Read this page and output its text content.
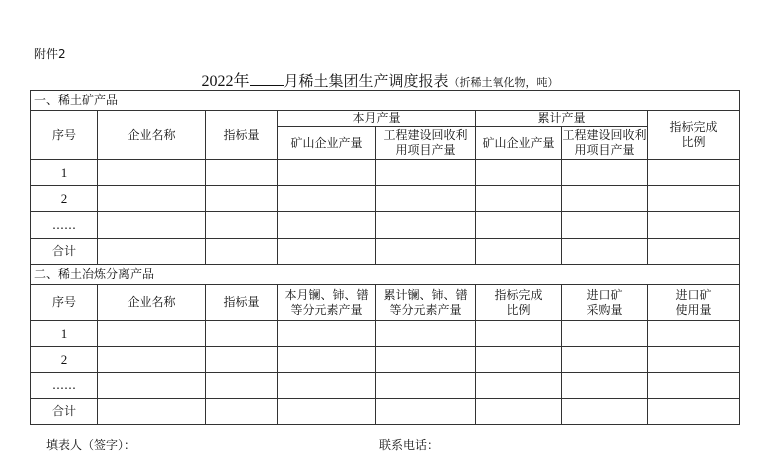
附件2
2022年 月稀土集团生产调度报表（折稀土氧化物，吨）
一、稀土矿产品							
序号	企业名称	指标量	本月产量		累计产量		指标完成比例

			矿山企业产量	工程建设回收利用项目产量	矿山企业产量	工程建设回收利用项目产量	

1							
2							
……							
合计							
二、稀土冶炼分离产品							
序号	企业名称	指标量	本月镧、铈、镨等分元素产量	累计镧、铈、镨等分元素产量	指标完成比例	进口矿采购量	进口矿使用量

1							
2							
……							
合计							
填表人（签字）：	联系电话：
